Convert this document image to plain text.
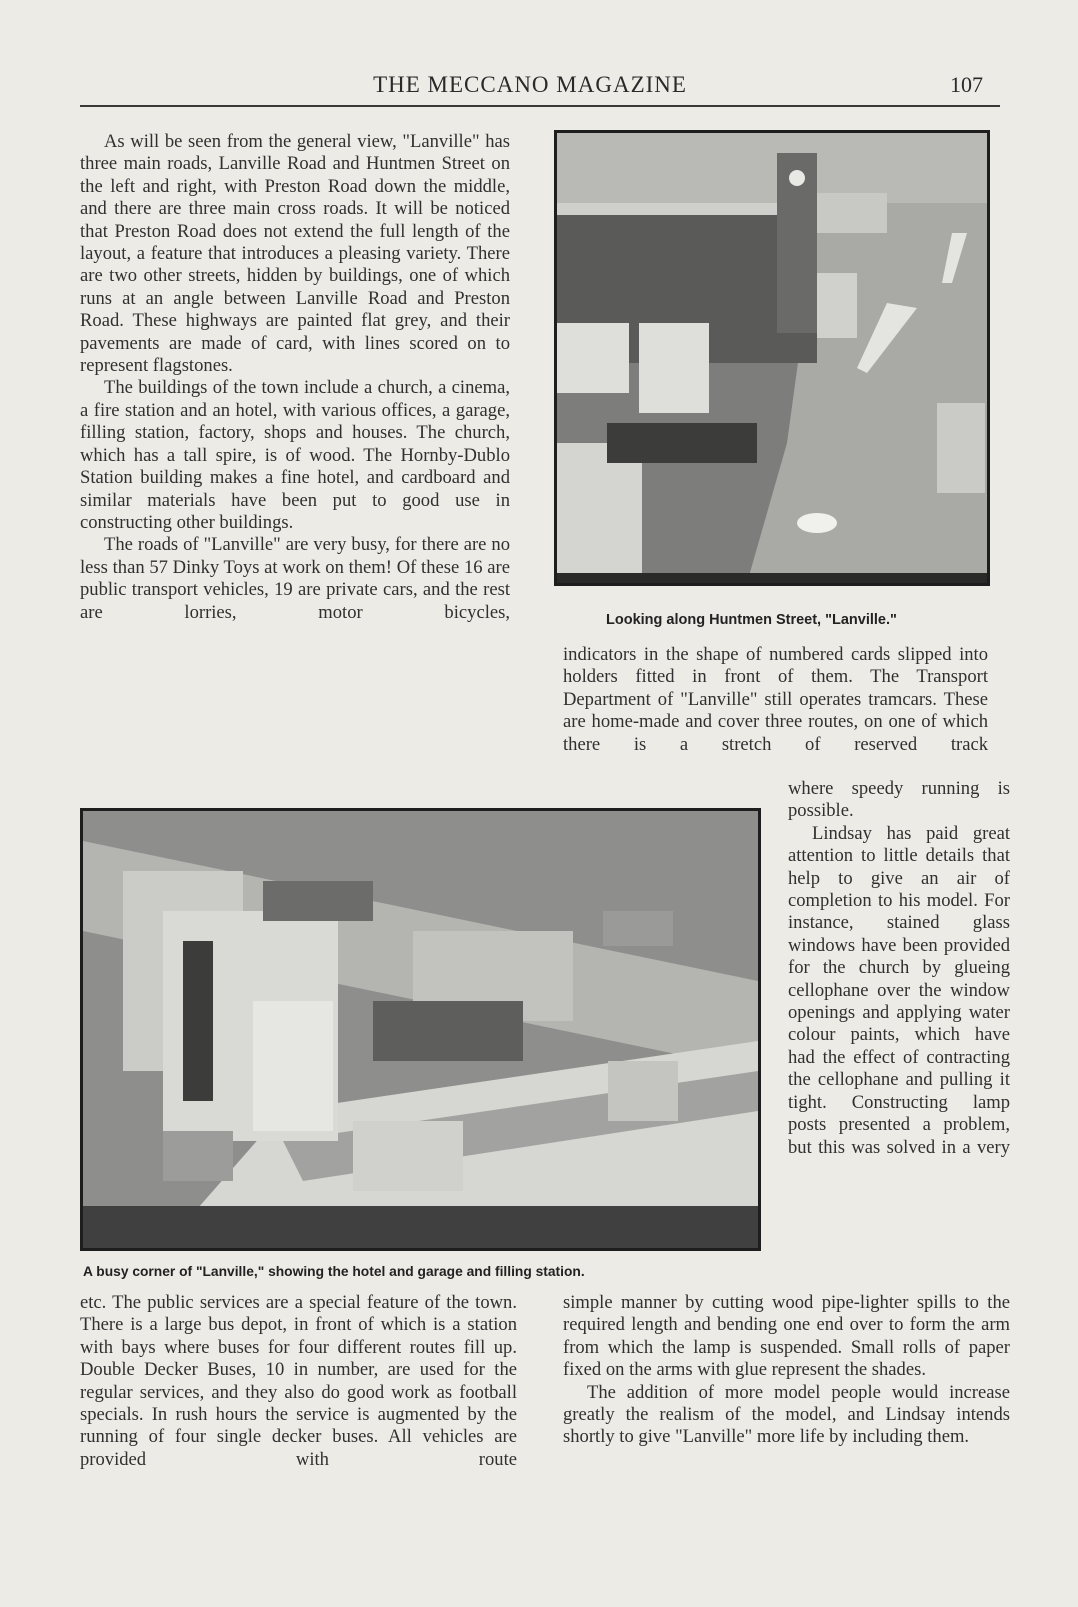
THE MECCANO MAGAZINE	107

As will be seen from the general view, "Lanville" has three main roads, Lanville Road and Huntmen Street on the left and right, with Preston Road down the middle, and there are three main cross roads. It will be noticed that Preston Road does not extend the full length of the layout, a feature that introduces a pleasing variety. There are two other streets, hidden by buildings, one of which runs at an angle between Lanville Road and Preston Road. These highways are painted flat grey, and their pavements are made of card, with lines scored on to represent flagstones.

The buildings of the town include a church, a cinema, a fire station and an hotel, with various offices, a garage, filling station, factory, shops and houses. The church, which has a tall spire, is of wood. The Hornby-Dublo Station building makes a fine hotel, and cardboard and similar materials have been put to good use in constructing other buildings.

The roads of "Lanville" are very busy, for there are no less than 57 Dinky Toys at work on them! Of these 16 are public transport vehicles, 19 are private cars, and the rest are lorries, motor bicycles,	Looking along Huntmen Street, "Lanville."

indicators in the shape of numbered cards slipped into holders fitted in front of them. The Transport Department of "Lanville" still operates tramcars. These are home-made and cover three routes, on one of which there is a stretch of reserved track

A busy corner of "Lanville," showing the hotel and garage and filling station.

where speedy running is possible.

Lindsay has paid great attention to little details that help to give an air of completion to his model. For instance, stained glass windows have been provided for the church by glueing cellophane over the window openings and applying water colour paints, which have had the effect of contracting the cellophane and pulling it tight. Constructing lamp posts presented a problem, but this was solved in a very

etc. The public services are a special feature of the town. There is a large bus depot, in front of which is a station with bays where buses for four different routes fill up. Double Decker Buses, 10 in number, are used for the regular services, and they also do good work as football specials. In rush hours the service is augmented by the running of four single decker buses. All vehicles are provided with route

simple manner by cutting wood pipe-lighter spills to the required length and bending one end over to form the arm from which the lamp is suspended. Small rolls of paper fixed on the arms with glue represent the shades.

The addition of more model people would increase greatly the realism of the model, and Lindsay intends shortly to give "Lanville" more life by including them.
